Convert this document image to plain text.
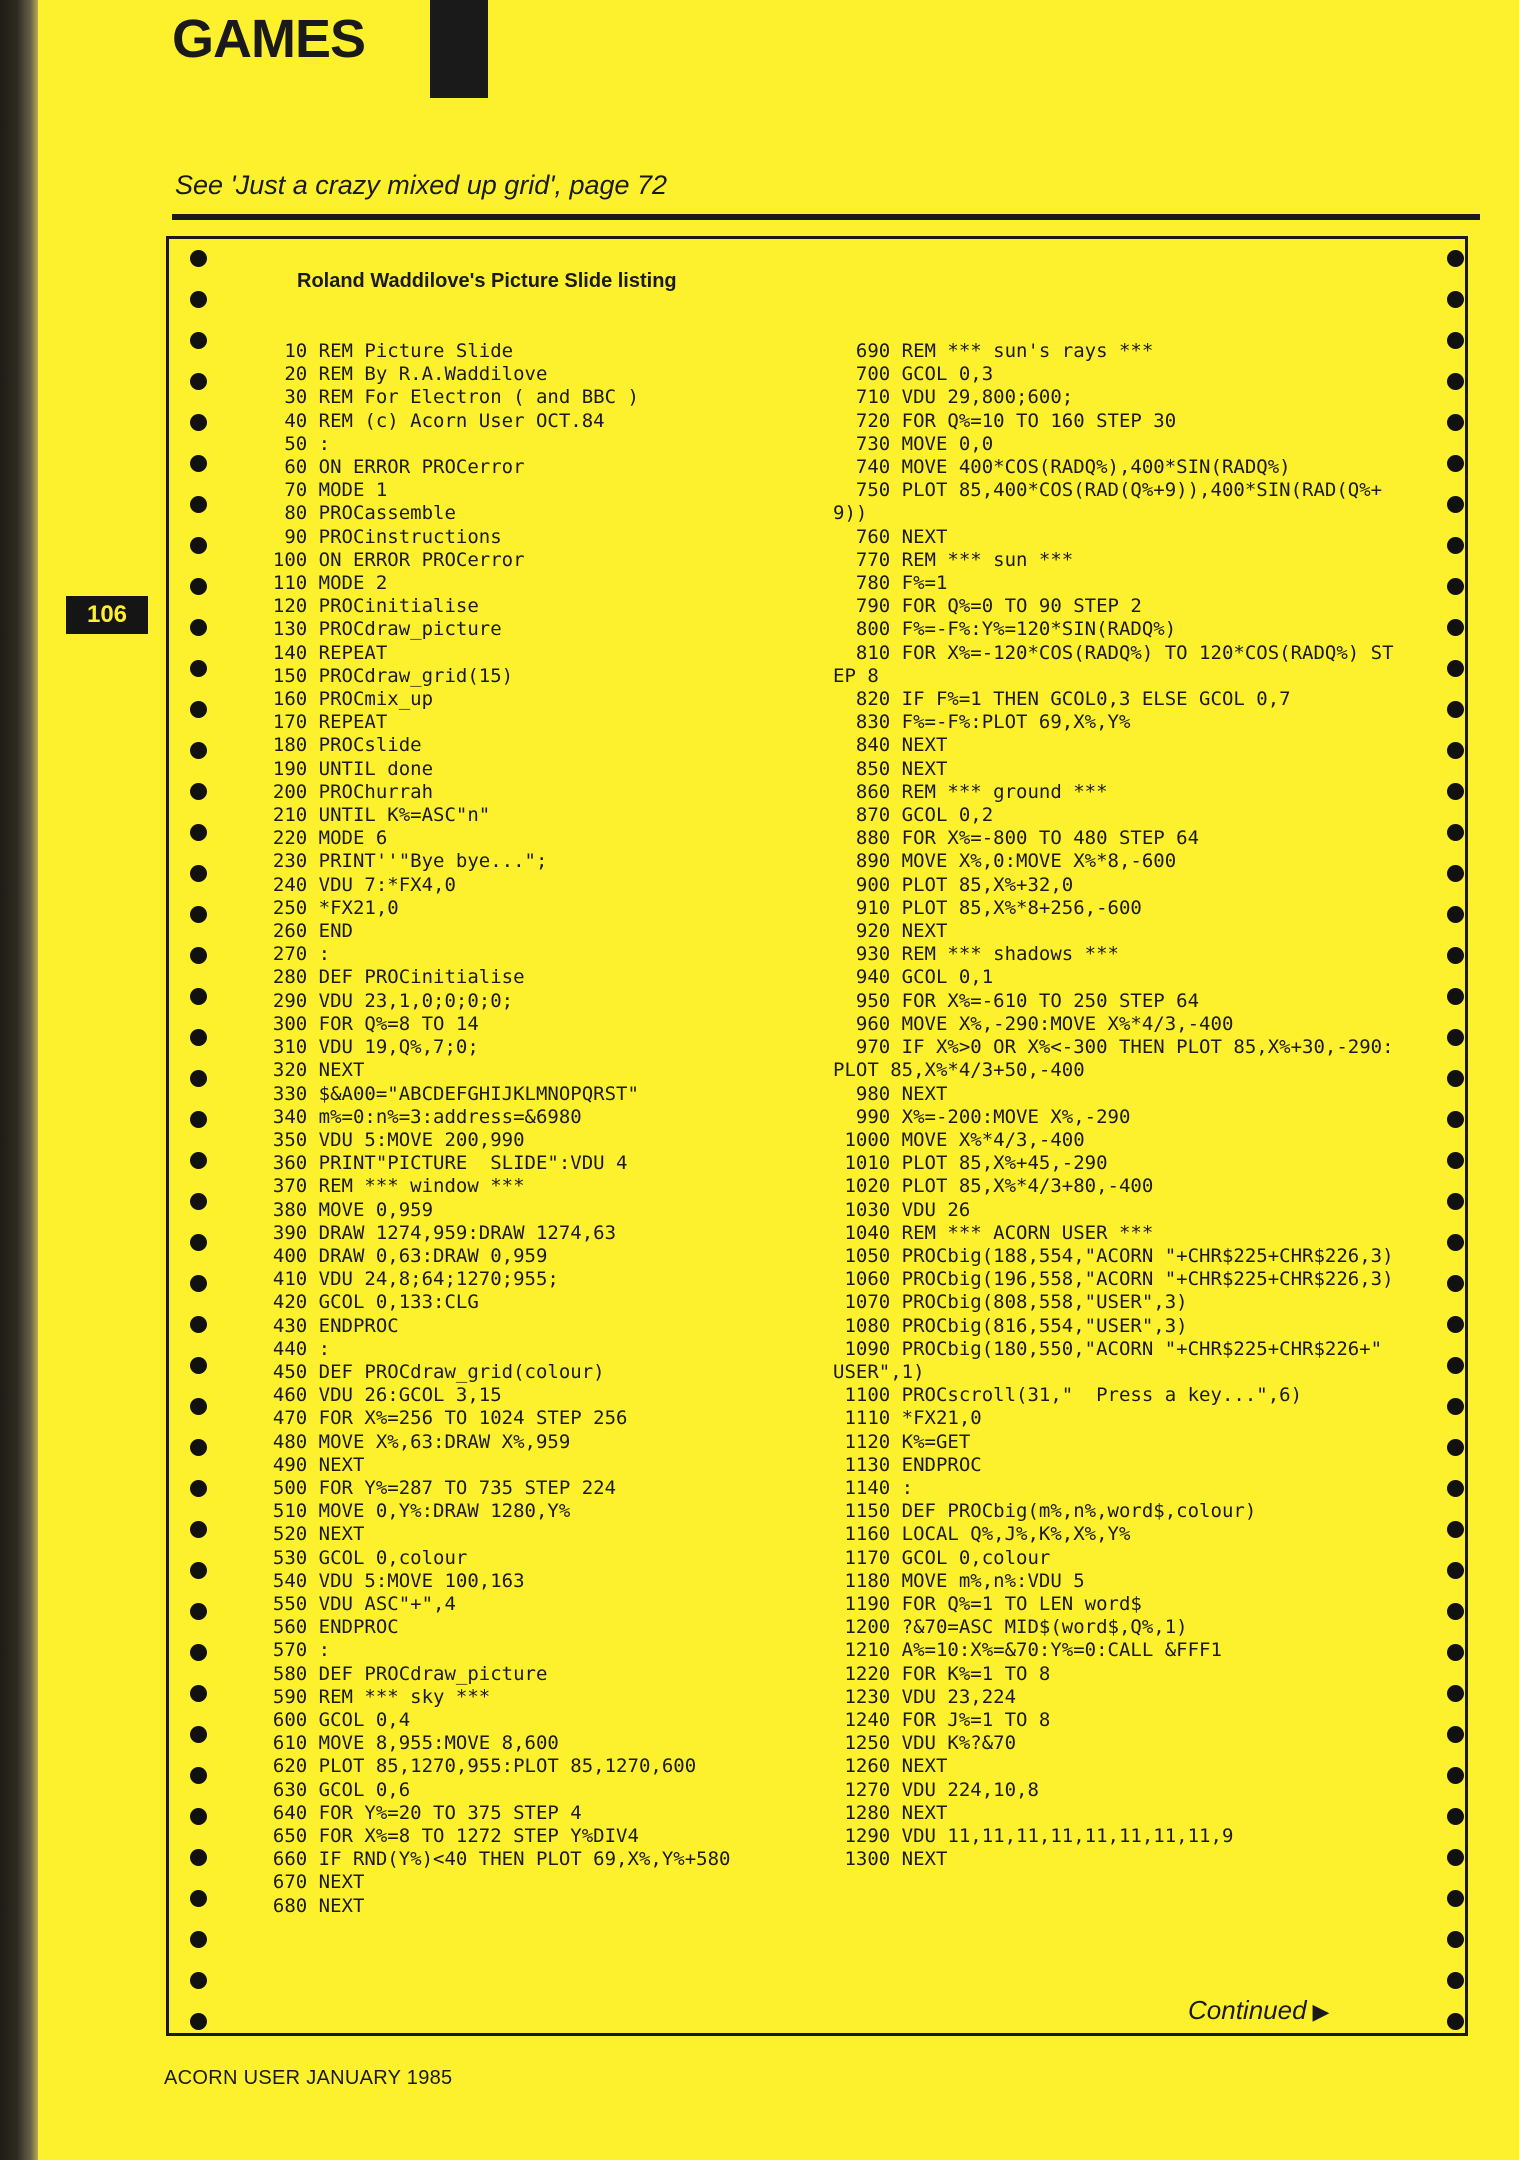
GAMES
See 'Just a crazy mixed up grid', page 72
106
Roland Waddilove's Picture Slide listing
10 REM Picture Slide
20 REM By R.A.Waddilove
30 REM For Electron ( and BBC )
40 REM (c) Acorn User OCT.84
50 :
60 ON ERROR PROCerror
70 MODE 1
80 PROCassemble
90 PROCinstructions
100 ON ERROR PROCerror
110 MODE 2
120 PROCinitialise
130 PROCdraw_picture
140 REPEAT
150 PROCdraw_grid(15)
160 PROCmix_up
170 REPEAT
180 PROCslide
190 UNTIL done
200 PROChurrah
210 UNTIL K%=ASC"n"
220 MODE 6
230 PRINT''"Bye bye...";
240 VDU 7:*FX4,0
250 *FX21,0
260 END
270 :
280 DEF PROCinitialise
290 VDU 23,1,0;0;0;0;
300 FOR Q%=8 TO 14
310 VDU 19,Q%,7;0;
320 NEXT
330 $&A00="ABCDEFGHIJKLMNOPQRST"
340 m%=0:n%=3:address=&6980
350 VDU 5:MOVE 200,990
360 PRINT"PICTURE  SLIDE":VDU 4
370 REM *** window ***
380 MOVE 0,959
390 DRAW 1274,959:DRAW 1274,63
400 DRAW 0,63:DRAW 0,959
410 VDU 24,8;64;1270;955;
420 GCOL 0,133:CLG
430 ENDPROC
440 :
450 DEF PROCdraw_grid(colour)
460 VDU 26:GCOL 3,15
470 FOR X%=256 TO 1024 STEP 256
480 MOVE X%,63:DRAW X%,959
490 NEXT
500 FOR Y%=287 TO 735 STEP 224
510 MOVE 0,Y%:DRAW 1280,Y%
520 NEXT
530 GCOL 0,colour
540 VDU 5:MOVE 100,163
550 VDU ASC"+",4
560 ENDPROC
570 :
580 DEF PROCdraw_picture
590 REM *** sky ***
600 GCOL 0,4
610 MOVE 8,955:MOVE 8,600
620 PLOT 85,1270,955:PLOT 85,1270,600
630 GCOL 0,6
640 FOR Y%=20 TO 375 STEP 4
650 FOR X%=8 TO 1272 STEP Y%DIV4
660 IF RND(Y%)<40 THEN PLOT 69,X%,Y%+580
670 NEXT
680 NEXT
690 REM *** sun's rays ***
700 GCOL 0,3
710 VDU 29,800;600;
720 FOR Q%=10 TO 160 STEP 30
730 MOVE 0,0
740 MOVE 400*COS(RADQ%),400*SIN(RADQ%)
750 PLOT 85,400*COS(RAD(Q%+9)),400*SIN(RAD(Q%+9))
760 NEXT
770 REM *** sun ***
780 F%=1
790 FOR Q%=0 TO 90 STEP 2
800 F%=-F%:Y%=120*SIN(RADQ%)
810 FOR X%=-120*COS(RADQ%) TO 120*COS(RADQ%) STEP 8
820 IF F%=1 THEN GCOL0,3 ELSE GCOL 0,7
830 F%=-F%:PLOT 69,X%,Y%
840 NEXT
850 NEXT
860 REM *** ground ***
870 GCOL 0,2
880 FOR X%=-800 TO 480 STEP 64
890 MOVE X%,0:MOVE X%*8,-600
900 PLOT 85,X%+32,0
910 PLOT 85,X%*8+256,-600
920 NEXT
930 REM *** shadows ***
940 GCOL 0,1
950 FOR X%=-610 TO 250 STEP 64
960 MOVE X%,-290:MOVE X%*4/3,-400
970 IF X%>0 OR X%<-300 THEN PLOT 85,X%+30,-290:PLOT 85,X%*4/3+50,-400
980 NEXT
990 X%=-200:MOVE X%,-290
1000 MOVE X%*4/3,-400
1010 PLOT 85,X%+45,-290
1020 PLOT 85,X%*4/3+80,-400
1030 VDU 26
1040 REM *** ACORN USER ***
1050 PROCbig(188,554,"ACORN "+CHR$225+CHR$226,3)
1060 PROCbig(196,558,"ACORN "+CHR$225+CHR$226,3)
1070 PROCbig(808,558,"USER",3)
1080 PROCbig(816,554,"USER",3)
1090 PROCbig(180,550,"ACORN "+CHR$225+CHR$226+"  USER",1)
1100 PROCscroll(31,"  Press a key...",6)
1110 *FX21,0
1120 K%=GET
1130 ENDPROC
1140 :
1150 DEF PROCbig(m%,n%,word$,colour)
1160 LOCAL Q%,J%,K%,X%,Y%
1170 GCOL 0,colour
1180 MOVE m%,n%:VDU 5
1190 FOR Q%=1 TO LEN word$
1200 ?&70=ASC MID$(word$,Q%,1)
1210 A%=10:X%=&70:Y%=0:CALL &FFF1
1220 FOR K%=1 TO 8
1230 VDU 23,224
1240 FOR J%=1 TO 8
1250 VDU K%?&70
1260 NEXT
1270 VDU 224,10,8
1280 NEXT
1290 VDU 11,11,11,11,11,11,11,11,9
1300 NEXT
Continued ▶
ACORN USER JANUARY 1985
